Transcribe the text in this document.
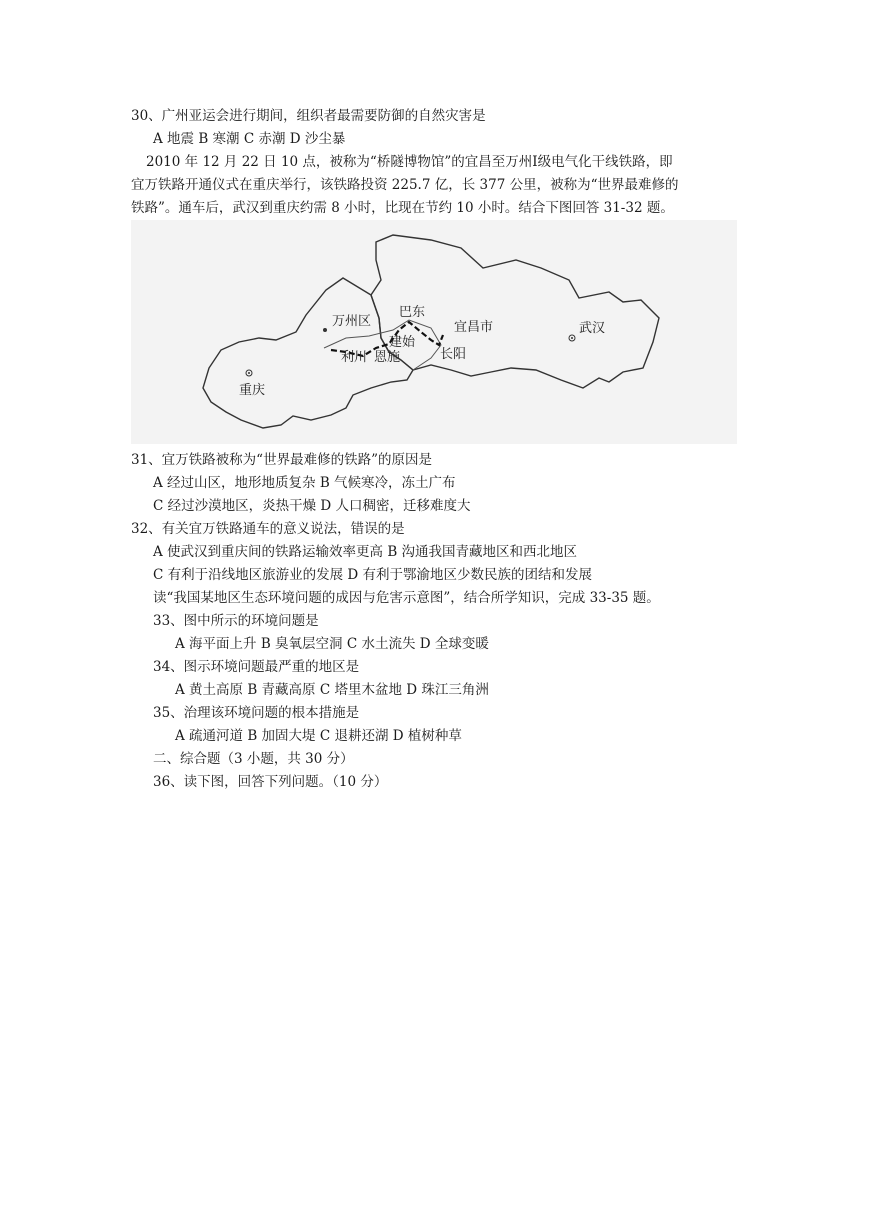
30、广州亚运会进行期间，组织者最需要防御的自然灾害是
A 地震 B 寒潮 C 赤潮 D 沙尘暴
2010 年 12 月 22 日 10 点，被称为“桥隧博物馆”的宜昌至万州Ⅰ级电气化干线铁路，即
宜万铁路开通仪式在重庆举行，该铁路投资 225.7 亿，长 377 公里，被称为“世界最难修的
铁路”。通车后，武汉到重庆约需 8 小时，比现在节约 10 小时。结合下图回答 31-32 题。
万州区
巴东
宜昌市	武汉
建始
利川 恩施	长阳
重庆
31、宜万铁路被称为“世界最难修的铁路”的原因是
A 经过山区，地形地质复杂 B 气候寒冷，冻土广布
C 经过沙漠地区，炎热干燥 D 人口稠密，迁移难度大
32、有关宜万铁路通车的意义说法，错误的是
A 使武汉到重庆间的铁路运输效率更高 B 沟通我国青藏地区和西北地区
C 有利于沿线地区旅游业的发展 D 有利于鄂渝地区少数民族的团结和发展
读“我国某地区生态环境问题的成因与危害示意图”，结合所学知识，完成 33-35 题。
33、图中所示的环境问题是
A 海平面上升 B 臭氧层空洞 C 水土流失 D 全球变暖
34、图示环境问题最严重的地区是
A 黄土高原 B 青藏高原 C 塔里木盆地 D 珠江三角洲
35、治理该环境问题的根本措施是
A 疏通河道 B 加固大堤 C 退耕还湖 D 植树种草
二、综合题（3 小题，共 30 分）
36、读下图，回答下列问题。（10 分）
